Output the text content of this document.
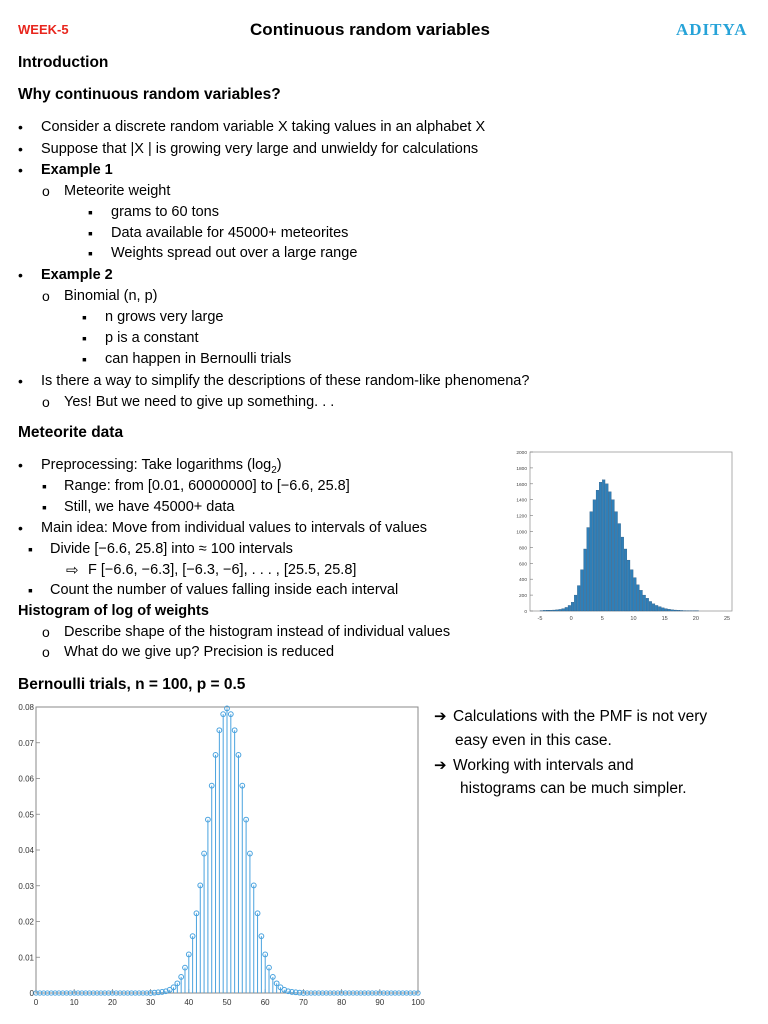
WEEK-5	Continuous random variables	ADITYA
Introduction
Why continuous random variables?
•
Consider a discrete random variable X taking values in an alphabet X
•
Suppose that |X | is growing very large and unwieldy for calculations
•
Example 1
o
Meteorite weight
▪
grams to 60 tons
▪
Data available for 45000+ meteorites
▪
Weights spread out over a large range
•
Example 2
o
Binomial (n, p)
▪
n grows very large
▪
p is a constant
▪
can happen in Bernoulli trials
•
Is there a way to simplify the descriptions of these random-like phenomena?
o
Yes! But we need to give up something. . .
Meteorite data
•
Preprocessing: Take logarithms $(\log_2)$
▪
Range: from [0.01, 60000000] to [−6.6, 25.8]
▪
Still, we have 45000+ data
•
Main idea: Move from individual values to intervals of values
▪
Divide [−6.6, 25.8] into ≈ 100 intervals
⇨ F [−6.6, −6.3], [−6.3, −6], . . . , [25.5, 25.8]
▪
Count the number of values falling inside each interval
Histogram of log of weights
o
Describe shape of the histogram instead of individual values
o
What do we give up? Precision is reduced
0
200
400
600
800
1000
1200
1400
1600
1800
2000
-5	0	5	10	15	20	25
Bernoulli trials, n = 100, p = 0.5
0
0.01
0.02
0.03
0.04
0.05
0.06
0.07
0.08
0	10	20	30	40	50	60	70	80	90	100
➔ Calculations with the PMF is not very
easy even in this case.
➔ Working with intervals and
histograms can be much simpler.
